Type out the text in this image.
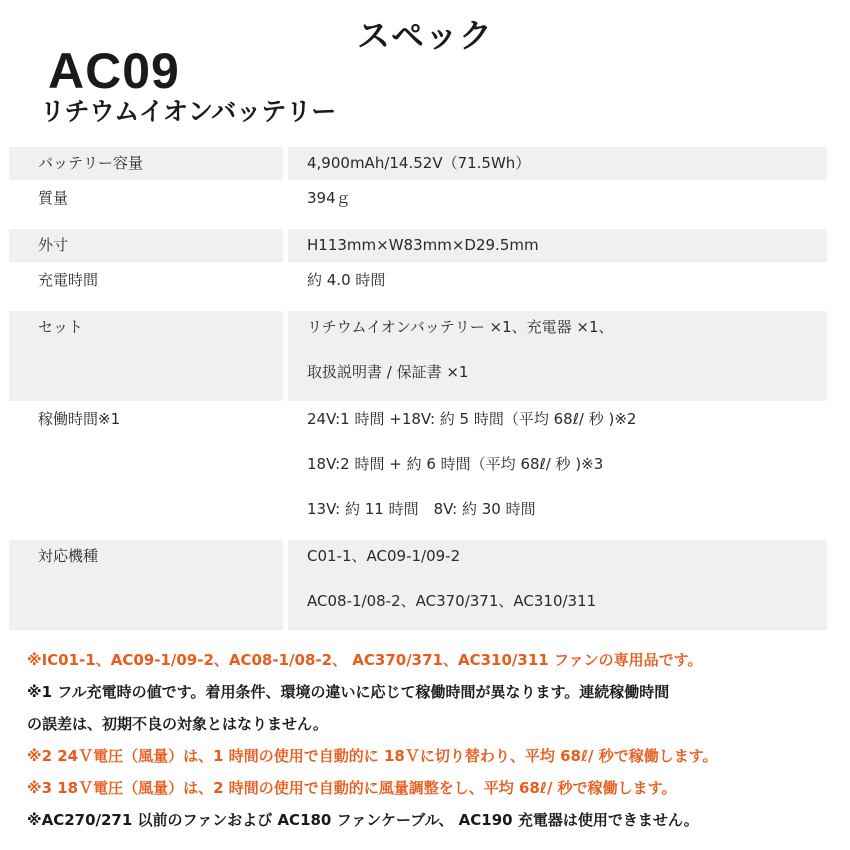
スペック
AC09
リチウムイオンバッテリー
バッテリー容量	4,900mAh/14.52V（71.5Wh）
質量	394ｇ
外寸	H113mm×W83mm×D29.5mm
充電時間	約 4.0 時間
セット	リチウムイオンバッテリー ×1、充電器 ×1、
取扱説明書 / 保証書 ×1
稼働時間※1	24V:1 時間 +18V: 約 5 時間（平均 68ℓ/ 秒 )※2
18V:2 時間 + 約 6 時間（平均 68ℓ/ 秒 )※3
13V: 約 11 時間　8V: 約 30 時間
対応機種	C01-1、AC09-1/09-2
AC08-1/08-2、AC370/371、AC310/311
※IC01-1、AC09-1/09-2、AC08-1/08-2、 AC370/371、AC310/311 ファンの専用品です。
※1 フル充電時の値です。着用条件、環境の違いに応じて稼働時間が異なります。連続稼働時間
の誤差は、初期不良の対象とはなりません。
※2 24Ｖ電圧（風量）は、1 時間の使用で自動的に 18Ｖに切り替わり、平均 68ℓ/ 秒で稼働します。
※3 18Ｖ電圧（風量）は、2 時間の使用で自動的に風量調整をし、平均 68ℓ/ 秒で稼働します。
※AC270/271 以前のファンおよび AC180 ファンケーブル、 AC190 充電器は使用できません。
